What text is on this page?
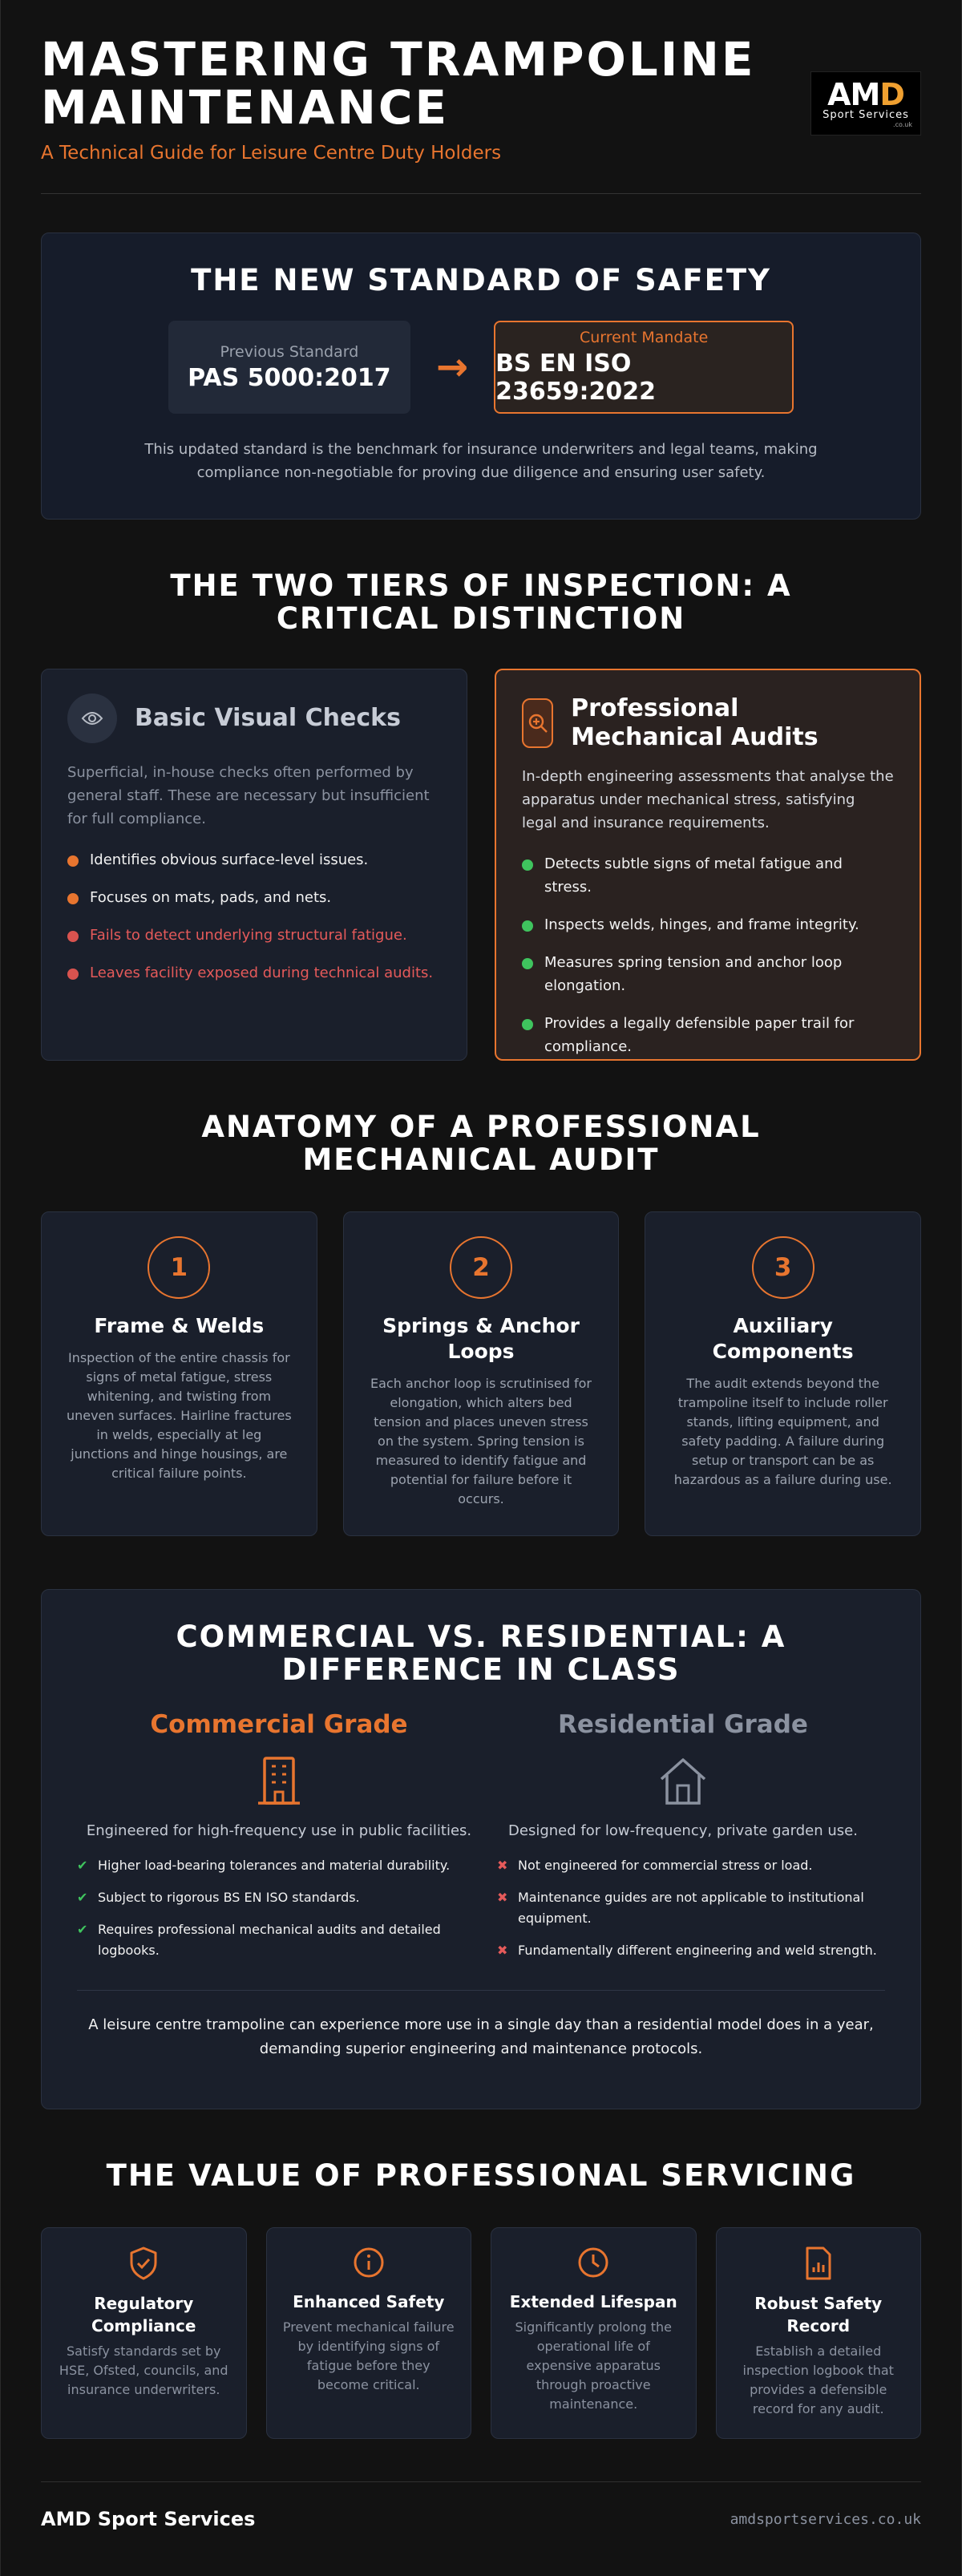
MASTERING TRAMPOLINE
MAINTENANCE
A Technical Guide for Leisure Centre Duty Holders
AMD
Sport Services
.co.uk
THE NEW STANDARD OF SAFETY
Previous Standard
PAS 5000:2017 →
Current Mandate
BS EN ISO 23659:2022

This updated standard is the benchmark for insurance underwriters and legal teams, making compliance non-negotiable for proving due diligence and ensuring user safety.

THE TWO TIERS OF INSPECTION: A CRITICAL DISTINCTION
Basic Visual Checks

Superficial, in-house checks often performed by general staff. These are necessary but insufficient for full compliance.

Identifies obvious surface-level issues.
Focuses on mats, pads, and nets.
Fails to detect underlying structural fatigue.
Leaves facility exposed during technical audits.
Professional Mechanical Audits

In-depth engineering assessments that analyse the apparatus under mechanical stress, satisfying legal and insurance requirements.

Detects subtle signs of metal fatigue and stress.
Inspects welds, hinges, and frame integrity.
Measures spring tension and anchor loop elongation.
Provides a legally defensible paper trail for compliance.
ANATOMY OF A PROFESSIONAL MECHANICAL AUDIT
1
Frame & Welds

Inspection of the entire chassis for signs of metal fatigue, stress whitening, and twisting from uneven surfaces. Hairline fractures in welds, especially at leg junctions and hinge housings, are critical failure points.

2
Springs & Anchor Loops

Each anchor loop is scrutinised for elongation, which alters bed tension and places uneven stress on the system. Spring tension is measured to identify fatigue and potential for failure before it occurs.

3
Auxiliary Components

The audit extends beyond the trampoline itself to include roller stands, lifting equipment, and safety padding. A failure during setup or transport can be as hazardous as a failure during use.

COMMERCIAL VS. RESIDENTIAL: A DIFFERENCE IN CLASS
Commercial Grade
Engineered for high-frequency use in public facilities.
✔ Higher load-bearing tolerances and material durability.
✔ Subject to rigorous BS EN ISO standards.
✔ Requires professional mechanical audits and detailed logbooks.
Residential Grade
Designed for low-frequency, private garden use.
✖ Not engineered for commercial stress or load.
✖ Maintenance guides are not applicable to institutional equipment.
✖ Fundamentally different engineering and weld strength.

A leisure centre trampoline can experience more use in a single day than a residential model does in a year, demanding superior engineering and maintenance protocols.

THE VALUE OF PROFESSIONAL SERVICING
Regulatory Compliance

Satisfy standards set by HSE, Ofsted, councils, and insurance underwriters.

Enhanced Safety

Prevent mechanical failure by identifying signs of fatigue before they become critical.

Extended Lifespan

Significantly prolong the operational life of expensive apparatus through proactive maintenance.

Robust Safety Record

Establish a detailed inspection logbook that provides a defensible record for any audit.

AMD Sport Services	amdsportservices.co.uk
